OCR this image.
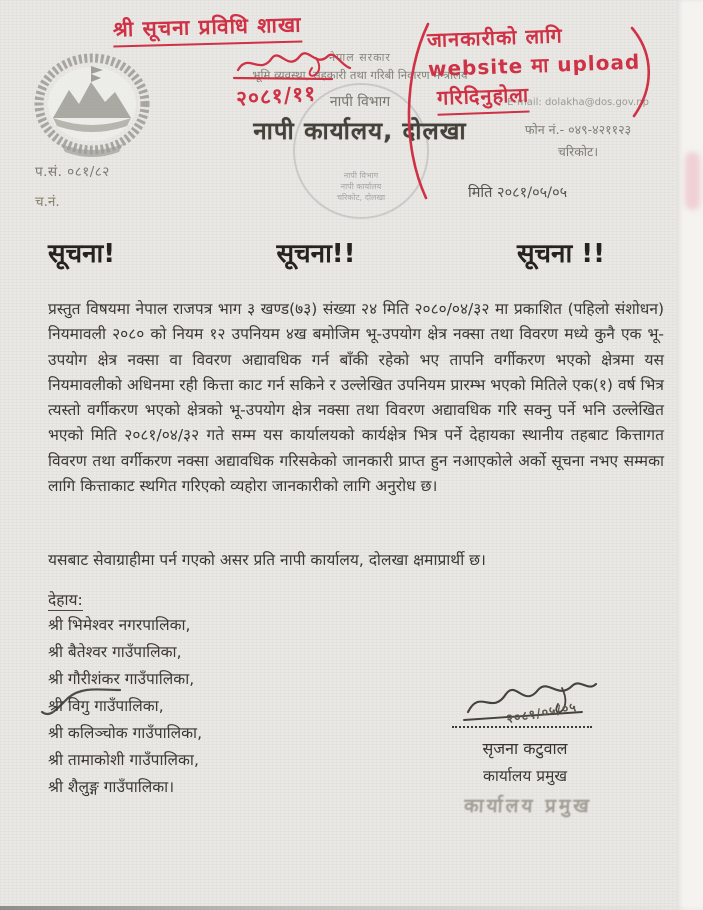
नेपाल सरकार
भूमि व्यवस्था, सहकारी तथा गरिबी निवारण मन्त्रालय
नापी विभाग
नापी कार्यालय, दोलखा
E-mail: dolakha@dos.gov.np
फोन नं.- ०४९-४२११२३
चरिकोट।
प.सं. ०८१/८२
च.नं.
मिति २०८१/०५/०५
नापी विभाग
नापी कार्यालय
चरिकोट, दोलखा
श्री सूचना प्रविधि शाखा
२०८१/११
जानकारीको लागि
website मा upload
गरिदिनुहोला
सूचना!	सूचना!!	सूचना !!
प्रस्तुत विषयमा नेपाल राजपत्र भाग ३ खण्ड(७३) संख्या २४ मिति २०८०/०४/३२ मा प्रकाशित (पहिलो संशोधन) नियमावली २०८० को नियम १२ उपनियम ४ख बमोजिम भू-उपयोग क्षेत्र नक्सा तथा विवरण मध्ये कुनै एक भू-उपयोग क्षेत्र नक्सा वा विवरण अद्यावधिक गर्न बाँकी रहेको भए तापनि वर्गीकरण भएको क्षेत्रमा यस नियमावलीको अधिनमा रही कित्ता काट गर्न सकिने र उल्लेखित उपनियम प्रारम्भ भएको मितिले एक(१) वर्ष भित्र त्यस्तो वर्गीकरण भएको क्षेत्रको भू-उपयोग क्षेत्र नक्सा तथा विवरण अद्यावधिक गरि सक्नु पर्ने भनि उल्लेखित भएको मिति २०८१/०४/३२ गते सम्म यस कार्यालयको कार्यक्षेत्र भित्र पर्ने देहायका स्थानीय तहबाट कित्तागत विवरण तथा वर्गीकरण नक्सा अद्यावधिक गरिसकेको जानकारी प्राप्त हुन नआएकोले अर्को सूचना नभए सम्मका लागि कित्ताकाट स्थगित गरिएको व्यहोरा जानकारीको लागि अनुरोध छ।
यसबाट सेवाग्राहीमा पर्न गएको असर प्रति नापी कार्यालय, दोलखा क्षमाप्रार्थी छ।
देहाय:
श्री भिमेश्वर नगरपालिका,
श्री बैतेश्वर गाउँपालिका,
श्री गौरीशंकर गाउँपालिका,
श्री विगु गाउँपालिका,
श्री कलिञ्चोक गाउँपालिका,
श्री तामाकोशी गाउँपालिका,
श्री शैलुङ्ग गाउँपालिका।
२०८१/०५/०५
सृजना कटुवाल
कार्यालय प्रमुख
कार्यालय प्रमुख
